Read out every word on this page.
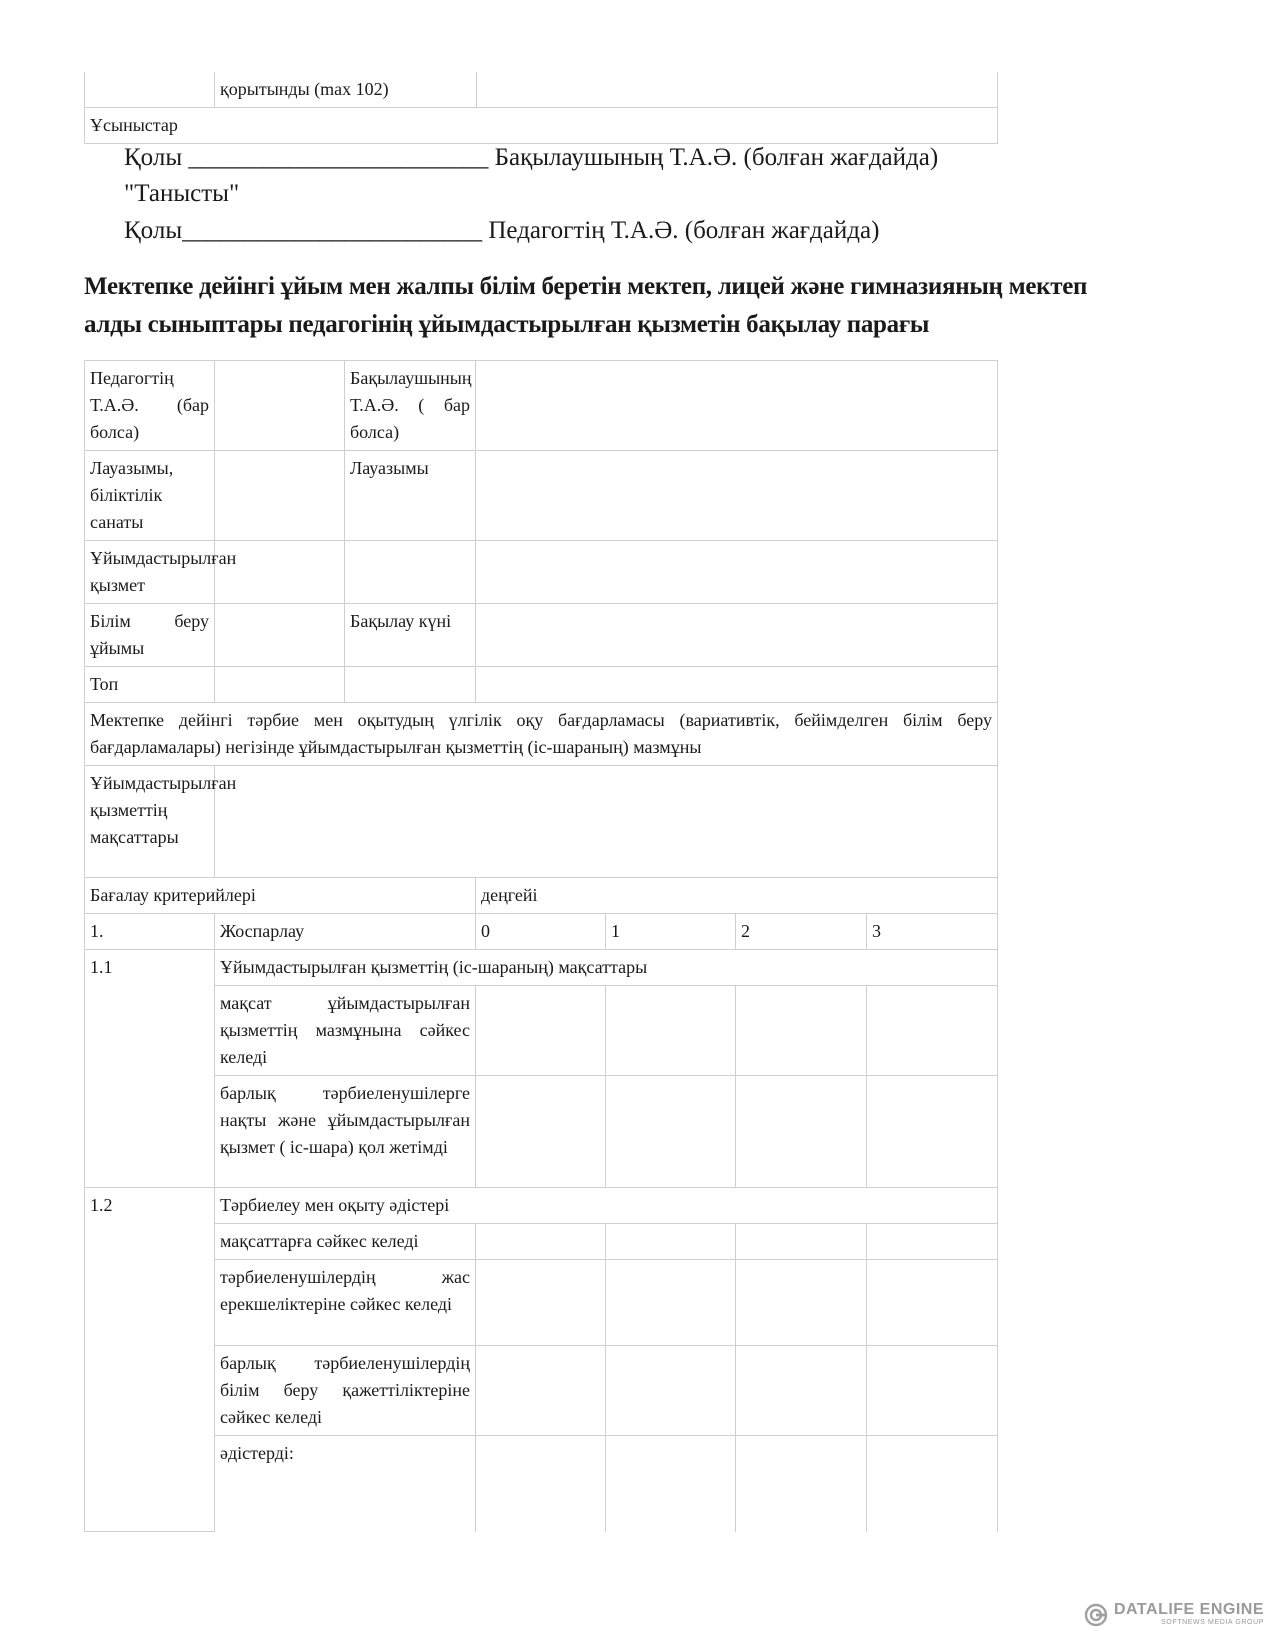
	қорытынды (max 102)	
Ұсыныстар
Қолы ________________________ Бақылаушының Т.А.Ә. (болған жағдайда)
"Танысты"
Қолы________________________ Педагогтің Т.А.Ә. (болған жағдайда)
Мектепке дейінгі ұйым мен жалпы білім беретін мектеп, лицей және гимназияның мектеп
алды сыныптары педагогінің ұйымдастырылған қызметін бақылау парағы
Педагогтің Т.А.Ә. (бар болса)		Бақылаушының Т.А.Ә. ( бар болса)				
Лауазымы, біліктілік санаты		Лауазымы				
Ұйымдастырылған қызмет						
Білім беру ұйымы		Бақылау күні				
Топ						
Мектепке дейінгі тәрбие мен оқытудың үлгілік оқу бағдарламасы (вариативтік, бейімделген білім беру бағдарламалары) негізінде ұйымдастырылған қызметтің (іс-шараның) мазмұны						
Ұйымдастырылған қызметтің мақсаттары						
Бағалау критерийлері			деңгейі			
1.	Жоспарлау		0	1	2	3
1.1	Ұйымдастырылған қызметтің (іс-шараның) мақсаттары					
	мақсат ұйымдастырылған қызметтің мазмұнына сәйкес келеді					
	барлық тәрбиеленушілерге нақты және ұйымдастырылған қызмет ( іс-шара) қол жетімді					
1.2	Тәрбиелеу мен оқыту әдістері					
	мақсаттарға сәйкес келеді					
	тәрбиеленушілердің жас ерекшеліктеріне сәйкес келеді					
	барлық тәрбиеленушілердің білім беру қажеттіліктеріне сәйкес келеді					
	әдістерді:					
DATALIFE ENGINE
SOFTNEWS MEDIA GROUP
